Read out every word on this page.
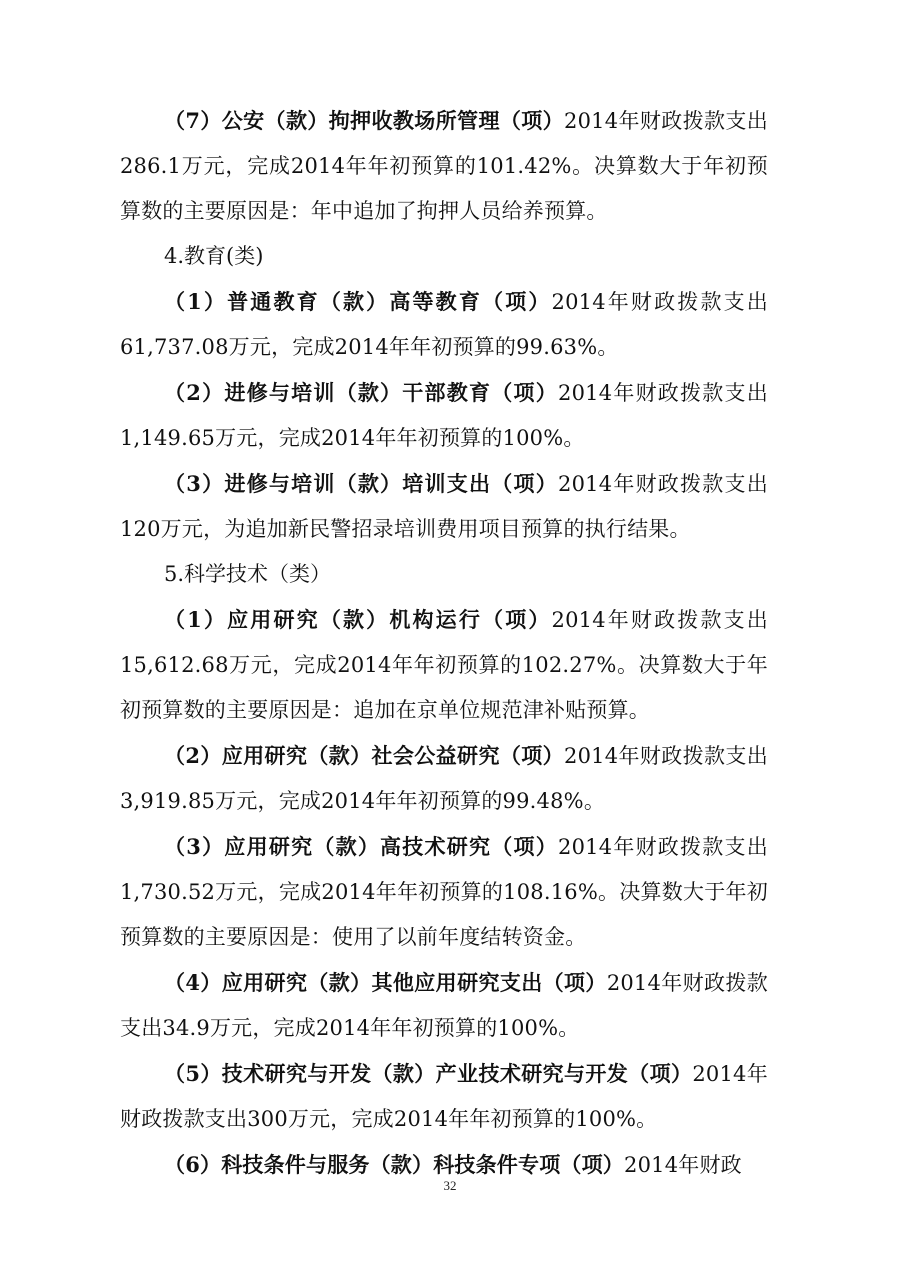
（7）公安（款）拘押收教场所管理（项）2014年财政拨款支出286.1万元，完成2014年年初预算的101.42%。决算数大于年初预算数的主要原因是：年中追加了拘押人员给养预算。

4.教育(类)

（1）普通教育（款）高等教育（项）2014年财政拨款支出61,737.08万元，完成2014年年初预算的99.63%。

（2）进修与培训（款）干部教育（项）2014年财政拨款支出1,149.65万元，完成2014年年初预算的100%。

（3）进修与培训（款）培训支出（项）2014年财政拨款支出120万元，为追加新民警招录培训费用项目预算的执行结果。

5.科学技术（类）

（1）应用研究（款）机构运行（项）2014年财政拨款支出15,612.68万元，完成2014年年初预算的102.27%。决算数大于年初预算数的主要原因是：追加在京单位规范津补贴预算。

（2）应用研究（款）社会公益研究（项）2014年财政拨款支出3,919.85万元，完成2014年年初预算的99.48%。

（3）应用研究（款）高技术研究（项）2014年财政拨款支出1,730.52万元，完成2014年年初预算的108.16%。决算数大于年初预算数的主要原因是：使用了以前年度结转资金。

（4）应用研究（款）其他应用研究支出（项）2014年财政拨款支出34.9万元，完成2014年年初预算的100%。

（5）技术研究与开发（款）产业技术研究与开发（项）2014年财政拨款支出300万元，完成2014年年初预算的100%。

（6）科技条件与服务（款）科技条件专项（项）2014年财政

32
